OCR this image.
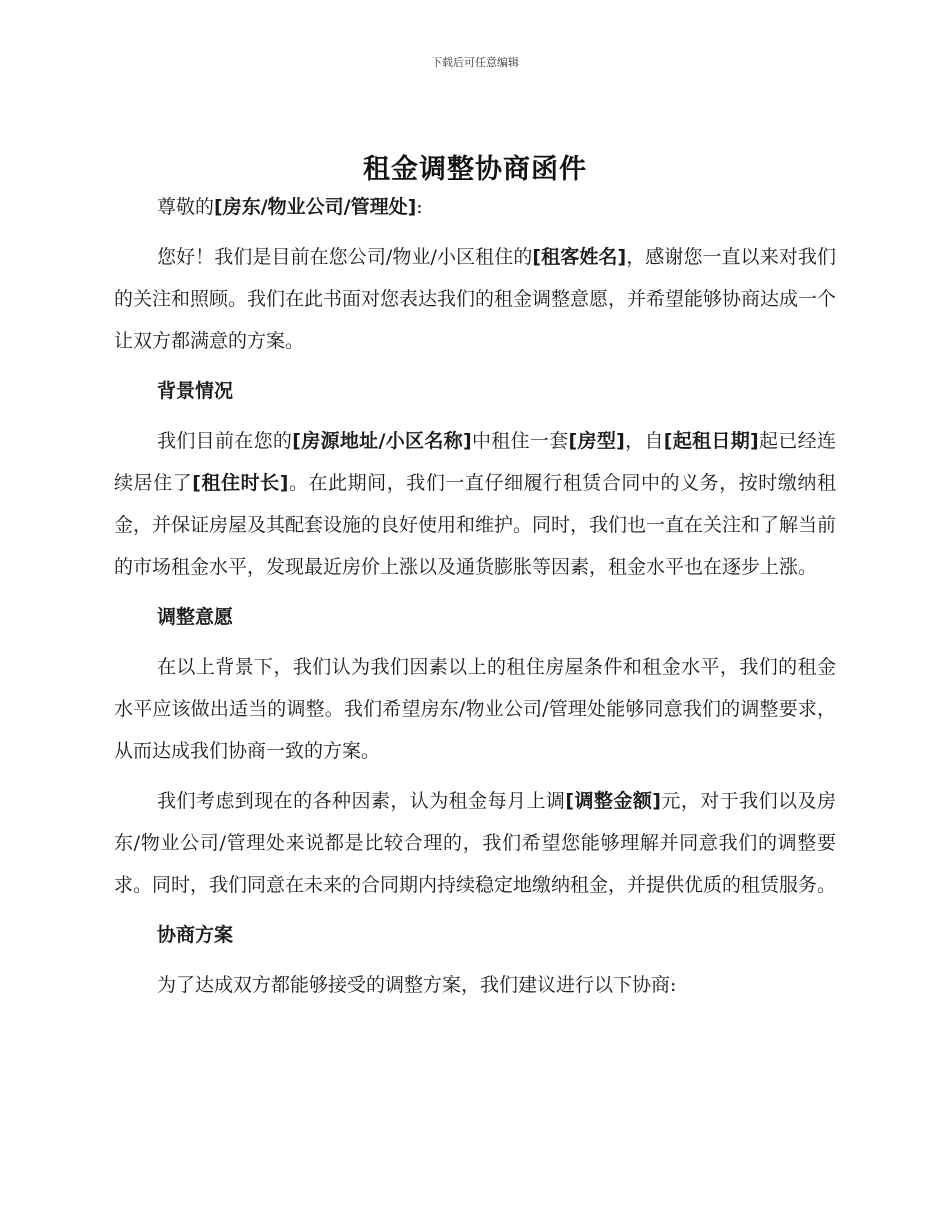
下载后可任意编辑
租金调整协商函件

尊敬的[房东/物业公司/管理处]:

您好！我们是目前在您公司/物业/小区租住的[租客姓名]，感谢您一直以来对我们的关注和照顾。我们在此书面对您表达我们的租金调整意愿，并希望能够协商达成一个让双方都满意的方案。

背景情况

我们目前在您的[房源地址/小区名称]中租住一套[房型]，自[起租日期]起已经连续居住了[租住时长]。在此期间，我们一直仔细履行租赁合同中的义务，按时缴纳租金，并保证房屋及其配套设施的良好使用和维护。同时，我们也一直在关注和了解当前的市场租金水平，发现最近房价上涨以及通货膨胀等因素，租金水平也在逐步上涨。

调整意愿

在以上背景下，我们认为我们因素以上的租住房屋条件和租金水平，我们的租金水平应该做出适当的调整。我们希望房东/物业公司/管理处能够同意我们的调整要求，从而达成我们协商一致的方案。

我们考虑到现在的各种因素，认为租金每月上调[调整金额]元，对于我们以及房东/物业公司/管理处来说都是比较合理的，我们希望您能够理解并同意我们的调整要求。同时，我们同意在未来的合同期内持续稳定地缴纳租金，并提供优质的租赁服务。

协商方案

为了达成双方都能够接受的调整方案，我们建议进行以下协商:
